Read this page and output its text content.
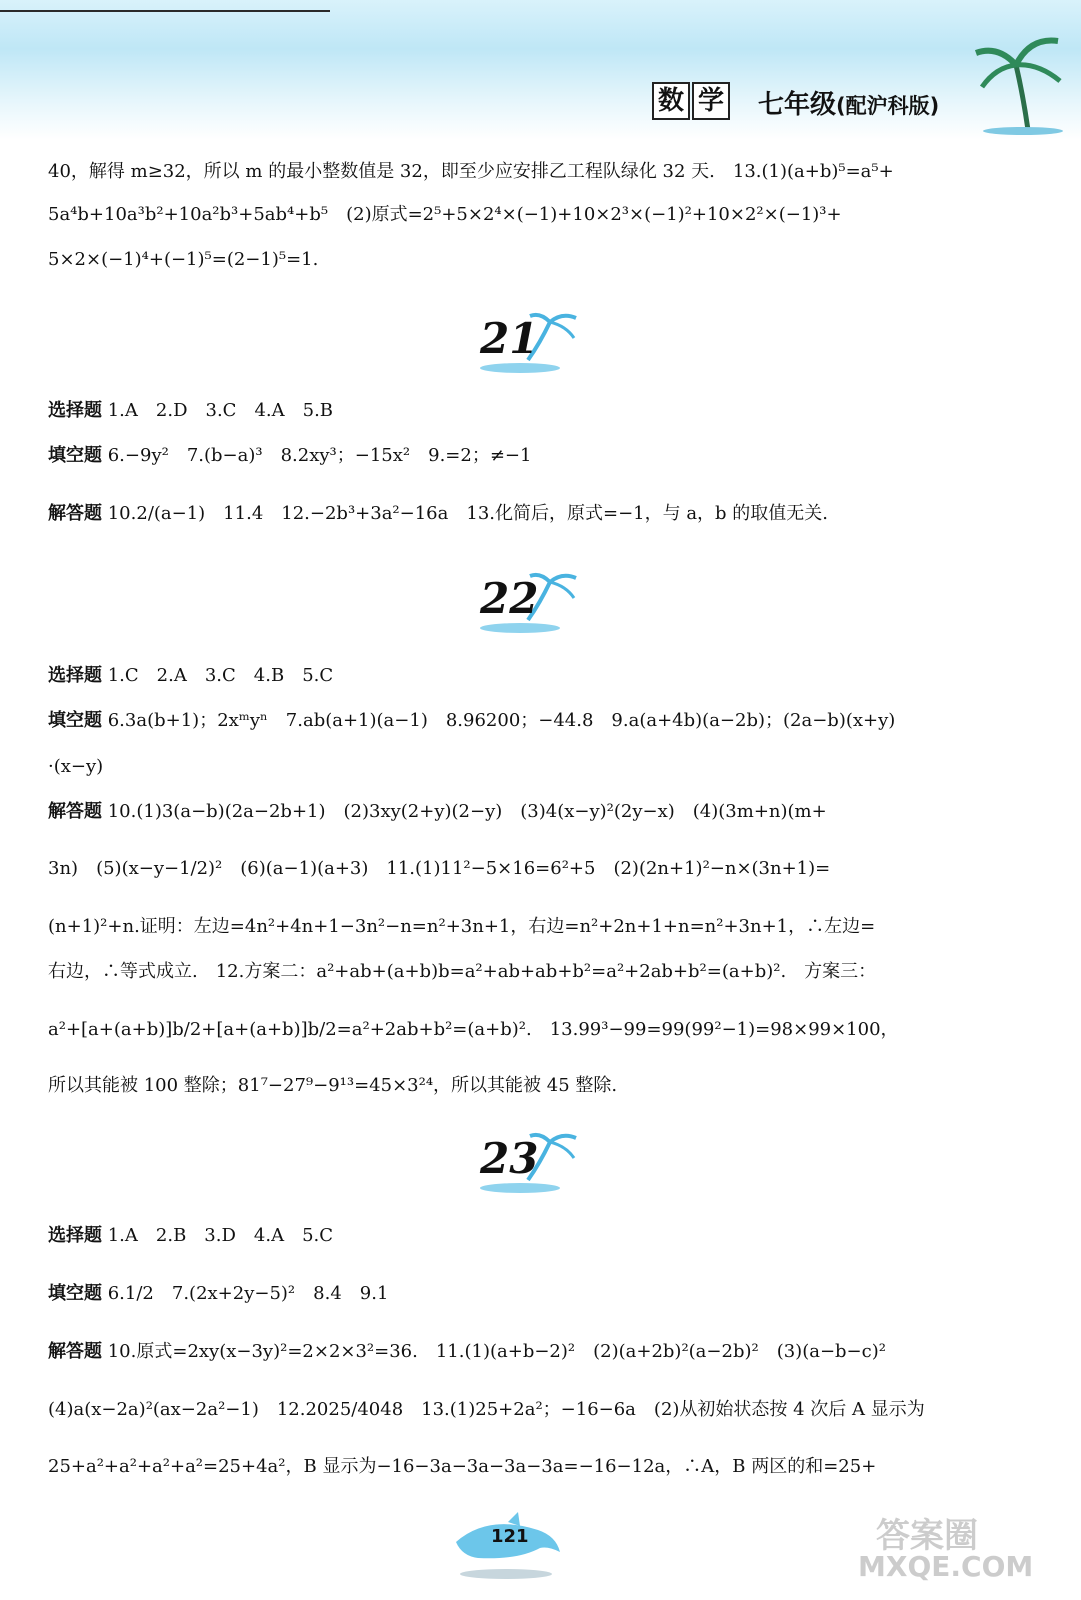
数 学 七年级(配沪科版)
40，解得 m≥32，所以 m 的最小整数值是 32，即至少应安排乙工程队绿化 32 天.　13.(1)(a+b)⁵=a⁵+
5a⁴b+10a³b²+10a²b³+5ab⁴+b⁵　(2)原式=2⁵+5×2⁴×(−1)+10×2³×(−1)²+10×2²×(−1)³+
5×2×(−1)⁴+(−1)⁵=(2−1)⁵=1.
21
选择题 1.A　2.D　3.C　4.A　5.B
填空题 6.−9y²　7.(b−a)³　8.2xy³；−15x²　9.=2；≠−1
解答题 10.2/(a−1)　11.4　12.−2b³+3a²−16a　13.化简后，原式=−1，与 a，b 的取值无关.
22
选择题 1.C　2.A　3.C　4.B　5.C
填空题 6.3a(b+1)；2xᵐyⁿ　7.ab(a+1)(a−1)　8.96200；−44.8　9.a(a+4b)(a−2b)；(2a−b)(x+y)
·(x−y)
解答题 10.(1)3(a−b)(2a−2b+1)　(2)3xy(2+y)(2−y)　(3)4(x−y)²(2y−x)　(4)(3m+n)(m+
3n)　(5)(x−y−1/2)²　(6)(a−1)(a+3)　11.(1)11²−5×16=6²+5　(2)(2n+1)²−n×(3n+1)=
(n+1)²+n.证明：左边=4n²+4n+1−3n²−n=n²+3n+1，右边=n²+2n+1+n=n²+3n+1，∴左边=
右边，∴等式成立.　12.方案二：a²+ab+(a+b)b=a²+ab+ab+b²=a²+2ab+b²=(a+b)².　方案三：
a²+[a+(a+b)]b/2+[a+(a+b)]b/2=a²+2ab+b²=(a+b)².　13.99³−99=99(99²−1)=98×99×100，
所以其能被 100 整除；81⁷−27⁹−9¹³=45×3²⁴，所以其能被 45 整除.
23
选择题 1.A　2.B　3.D　4.A　5.C
填空题 6.1/2　7.(2x+2y−5)²　8.4　9.1
解答题 10.原式=2xy(x−3y)²=2×2×3²=36.　11.(1)(a+b−2)²　(2)(a+2b)²(a−2b)²　(3)(a−b−c)²
(4)a(x−2a)²(ax−2a²−1)　12.2025/4048　13.(1)25+2a²；−16−6a　(2)从初始状态按 4 次后 A 显示为
25+a²+a²+a²+a²=25+4a²，B 显示为−16−3a−3a−3a−3a=−16−12a，∴A，B 两区的和=25+
121	答案圈
MXQE.COM
